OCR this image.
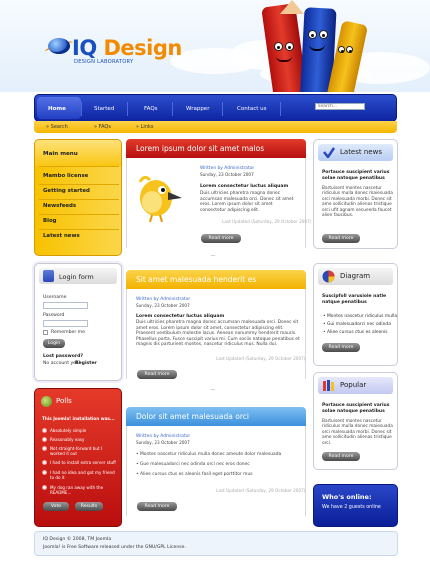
IQ Design
DESIGN LABORATORY
Home	Started	FAQs	Wrapper	Contact us	search...
» Search	» FAQs	» Links
Main menu
Mambo license
Getting started
Newsfeeds
Blog
Latest news
Login form
Username
Password
Remember me
Login
Lost password?
No account yet?
Register
Polls
This Joomla! installation was...
Absolutely simple
Reasonably easy
Not straight-forward but I worked it out
I had to install extra server stuff
I had no idea and got my friend to do it
My dog ran away with the README...
Vote	Results
Lorem ipsum dolor sit amet malos
Written by Administrator
Sunday, 23 October 2007
Lorem consectetur luctus aliquam
Duis ultricies pharetra magna donec accumsan malesuada orci. Donec sit amet eros. Lorem ipsum dolor sit amet consectetur adipiscing elit.
Last Updated (Saturday, 29 October 2007)
Read more
~
Sit amet malesuada henderit es
Written by Administrator
Sunday, 23 October 2007
Lorem consectetur luctus aliquam
Duis ultricies pharetra magna donec accumsan malesuada orci. Donec sit amet eros. Lorem ipsum dolor sit amet, consectetur adipiscing elit. Praesent vestibulum molestie lacus. Aenean nonummy hendrerit mauris. Phasellus porta. Fusce suscipit varius mi. Cum sociis natoque penatibus et magnis dis parturient montes, nascetur ridiculus mus. Nulla dui.
Last Updated (Saturday, 29 October 2007)
Read more
~
Dolor sit amet malesuada orci
Written by Administrator
Sunday, 23 October 2007
• Montes nascetur ridiculus mulla donec ameute dolor malesuada
• Gue malesuadorci nec odinda orci nec eros donec
• Aliee cursus ctus es aleonis fasil eget porttitor mus
Last Updated (Saturday, 29 October 2007)
Read more
Latest news
Portauce suscipient varius solae natoque penatibus
Bartuisent montes nascetur ridiculus mulla donec maiesuada orci malesuada morbi. Donec sit ame sollicitudin alienas tristique orci ufit agnam secuenda faucet alien faucibus.
Read more
Diagram
Suscipfoll varusiole natle natque penatibus
• Montes nascetur ridiculus mulla
• Gui malesuadorci nec odinda
• Aliee cursus ctus es aleonis
Read more
Popular
Portauce suscipient varius solae natoque penatibus
Bartuisent montes nascetur ridiculus mulla donec maiesuada orci malesuada morbi. Donec sit ame sollicitudin alienas tristique orci.
Read more
Who's online:
We have 2 guests online
IQ Design © 2008, TM Joomla
Joomla! is Free Software released under the GNU/GPL License.
